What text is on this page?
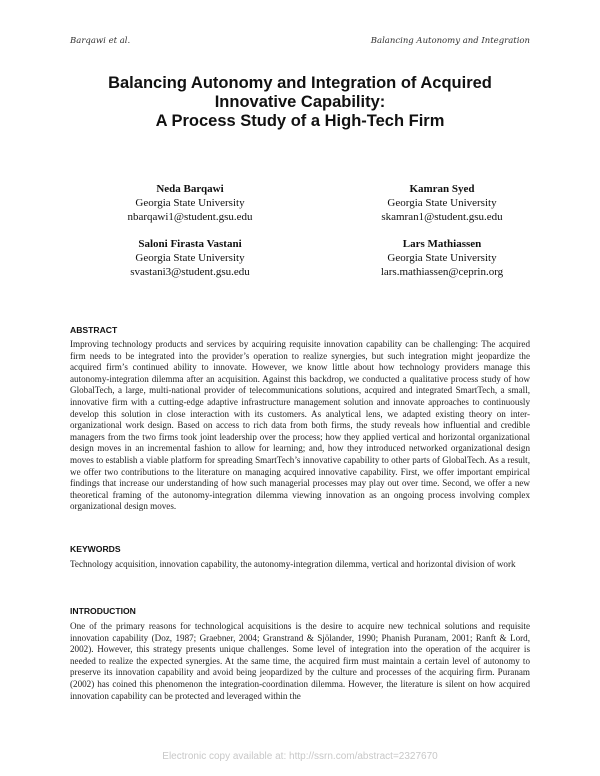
Barqawi et al.	Balancing Autonomy and Integration
Balancing Autonomy and Integration of Acquired
Innovative Capability:
A Process Study of a High-Tech Firm
Neda Barqawi
Georgia State University
nbarqawi1@student.gsu.edu
Kamran Syed
Georgia State University
skamran1@student.gsu.edu
Saloni Firasta Vastani
Georgia State University
svastani3@student.gsu.edu
Lars Mathiassen
Georgia State University
lars.mathiassen@ceprin.org
ABSTRACT
Improving technology products and services by acquiring requisite innovation capability can be challenging: The acquired firm needs to be integrated into the provider’s operation to realize synergies, but such integration might jeopardize the acquired firm’s continued ability to innovate. However, we know little about how technology providers manage this autonomy-integration dilemma after an acquisition. Against this backdrop, we conducted a qualitative process study of how GlobalTech, a large, multi-national provider of telecommunications solutions, acquired and integrated SmartTech, a small, innovative firm with a cutting-edge adaptive infrastructure management solution and innovate approaches to continuously develop this solution in close interaction with its customers. As analytical lens, we adapted existing theory on inter-organizational work design. Based on access to rich data from both firms, the study reveals how influential and credible managers from the two firms took joint leadership over the process; how they applied vertical and horizontal organizational design moves in an incremental fashion to allow for learning; and, how they introduced networked organizational design moves to establish a viable platform for spreading SmartTech’s innovative capability to other parts of GlobalTech. As a result, we offer two contributions to the literature on managing acquired innovative capability. First, we offer important empirical findings that increase our understanding of how such managerial processes may play out over time. Second, we offer a new theoretical framing of the autonomy-integration dilemma viewing innovation as an ongoing process involving complex organizational design moves.
KEYWORDS
Technology acquisition, innovation capability, the autonomy-integration dilemma, vertical and horizontal division of work
INTRODUCTION
One of the primary reasons for technological acquisitions is the desire to acquire new technical solutions and requisite innovation capability (Doz, 1987; Graebner, 2004; Granstrand & Sjölander, 1990; Phanish Puranam, 2001; Ranft & Lord, 2002). However, this strategy presents unique challenges. Some level of integration into the operation of the acquirer is needed to realize the expected synergies. At the same time, the acquired firm must maintain a certain level of autonomy to preserve its innovation capability and avoid being jeopardized by the culture and processes of the acquiring firm. Puranam (2002) has coined this phenomenon the integration-coordination dilemma. However, the literature is silent on how acquired innovation capability can be protected and leveraged within the
Electronic copy available at: http://ssrn.com/abstract=2327670
